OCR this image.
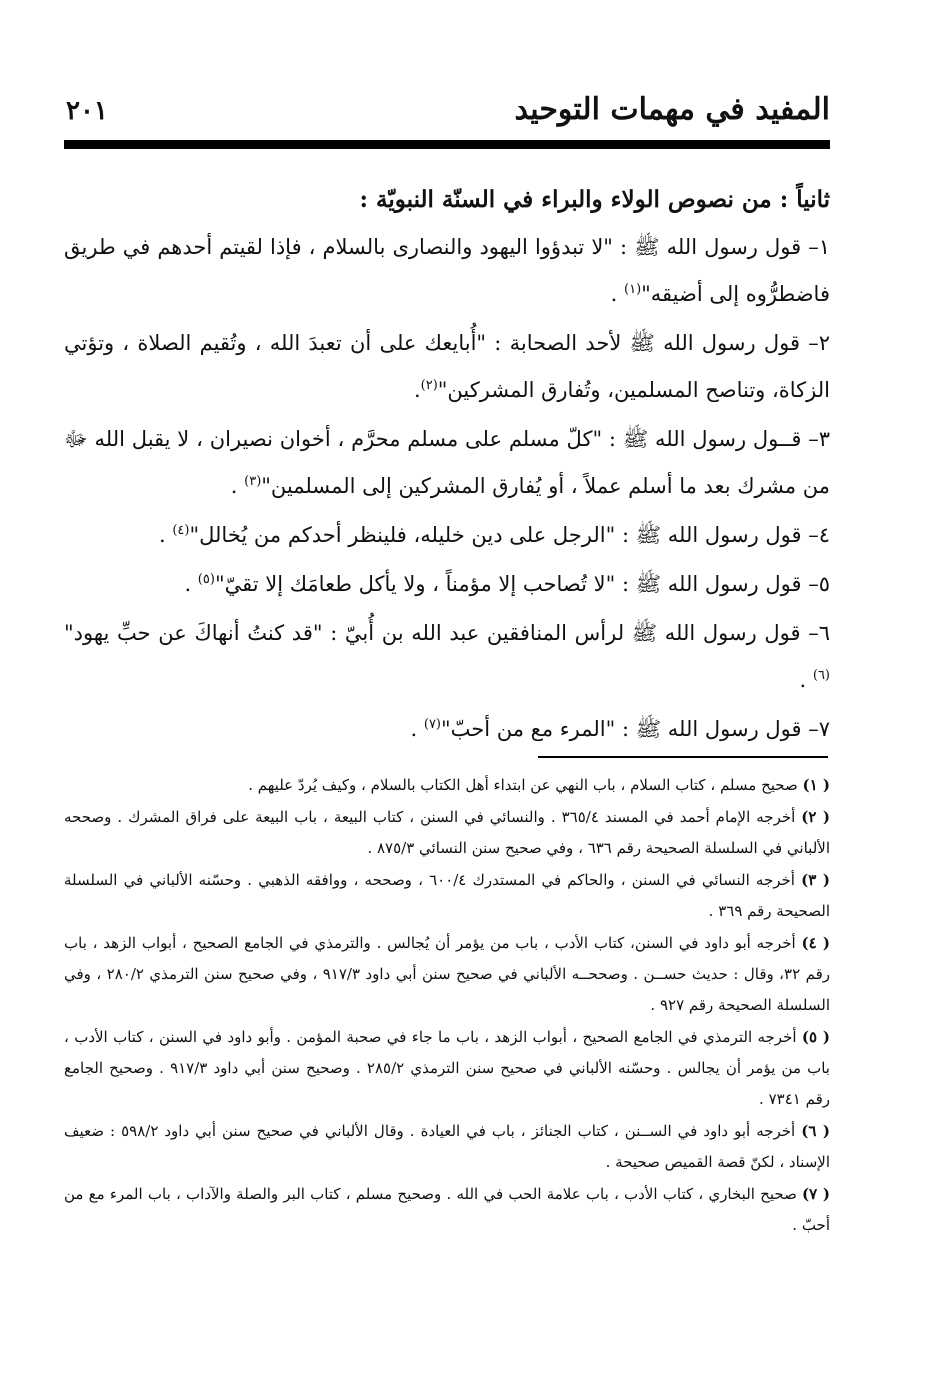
المفيد في مهمات التوحيد
٢٠١

ثانياً : من نصوص الولاء والبراء في السنّة النبويّة :

١– قول رسول الله ﷺ : "لا تبدؤوا اليهود والنصارى بالسلام ، فإذا لقيتم أحدهم في طريق فاضطرُّوه إلى أضيقه"$^{(١)}$ .

٢– قول رسول الله ﷺ لأحد الصحابة : "أُبايعك على أن تعبدَ الله ، وتُقيم الصلاة ، وتؤتي الزكاة، وتناصح المسلمين، وتُفارق المشركين"$^{(٢)}$.

٣– قــول رسول الله ﷺ : "كلّ مسلم على مسلم محرَّم ، أخوان نصيران ، لا يقبل الله ﷻ من مشرك بعد ما أسلم عملاً ، أو يُفارق المشركين إلى المسلمين"$^{(٣)}$ .

٤– قول رسول الله ﷺ : "الرجل على دين خليله، فلينظر أحدكم من يُخالل"$^{(٤)}$ .

٥– قول رسول الله ﷺ : "لا تُصاحب إلا مؤمناً ، ولا يأكل طعامَك إلا تقيّ"$^{(٥)}$ .

٦– قول رسول الله ﷺ لرأس المنافقين عبد الله بن أُبيّ : "قد كنتُ أنهاكَ عن حبِّ يهود"$^{(٦)}$ .

٧– قول رسول الله ﷺ : "المرء مع من أحبّ"$^{(٧)}$ .

( ١) صحيح مسلم ، كتاب السلام ، باب النهي عن ابتداء أهل الكتاب بالسلام ، وكيف يُردّ عليهم .

( ٢) أخرجه الإمام أحمد في المسند ٣٦٥/٤ . والنسائي في السنن ، كتاب البيعة ، باب البيعة على فراق المشرك . وصححه الألباني في السلسلة الصحيحة رقم ٦٣٦ ، وفي صحيح سنن النسائي ٨٧٥/٣ .

( ٣) أخرجه النسائي في السنن ، والحاكم في المستدرك ٦٠٠/٤ ، وصححه ، ووافقه الذهبي . وحسّنه الألباني في السلسلة الصحيحة رقم ٣٦٩ .

( ٤) أخرجه أبو داود في السنن، كتاب الأدب ، باب من يؤمر أن يُجالس . والترمذي في الجامع الصحيح ، أبواب الزهد ، باب رقم ٣٢، وقال : حديث حســن . وصححــه الألباني في صحيح سنن أبي داود ٩١٧/٣ ، وفي صحيح سنن الترمذي ٢٨٠/٢ ، وفي السلسلة الصحيحة رقم ٩٢٧ .

( ٥) أخرجه الترمذي في الجامع الصحيح ، أبواب الزهد ، باب ما جاء في صحبة المؤمن . وأبو داود في السنن ، كتاب الأدب ، باب من يؤمر أن يجالس . وحسّنه الألباني في صحيح سنن الترمذي ٢٨٥/٢ . وصحيح سنن أبي داود ٩١٧/٣ . وصحيح الجامع رقم ٧٣٤١ .

( ٦) أخرجه أبو داود في الســنن ، كتاب الجنائز ، باب في العيادة . وقال الألباني في صحيح سنن أبي داود ٥٩٨/٢ : ضعيف الإسناد ، لكنّ قصة القميص صحيحة .

( ٧) صحيح البخاري ، كتاب الأدب ، باب علامة الحب في الله . وصحيح مسلم ، كتاب البر والصلة والآداب ، باب المرء مع من أحبّ .
